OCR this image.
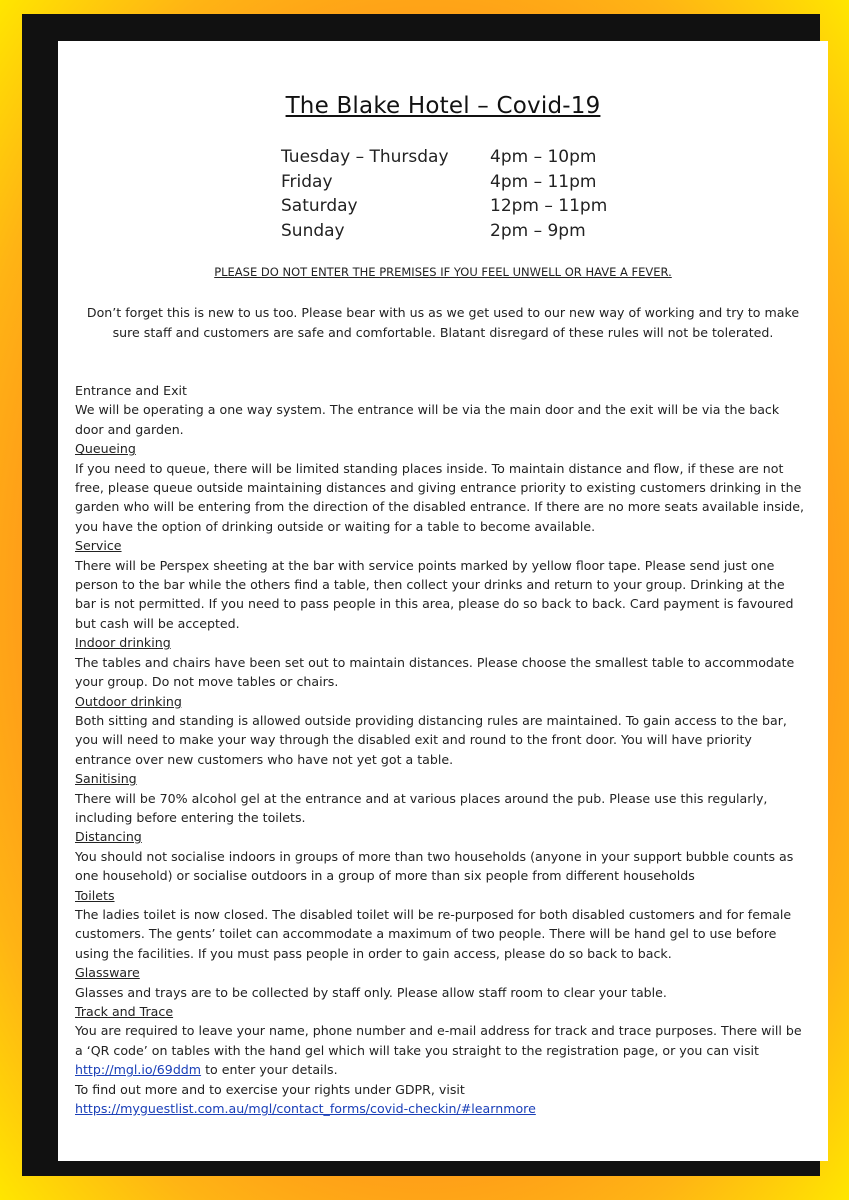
The Blake Hotel – Covid-19
Tuesday – Thursday	4pm – 10pm
Friday	4pm – 11pm
Saturday	12pm – 11pm
Sunday	2pm – 9pm
PLEASE DO NOT ENTER THE PREMISES IF YOU FEEL UNWELL OR HAVE A FEVER.
Don’t forget this is new to us too. Please bear with us as we get used to our new way of working and try to make
sure staff and customers are safe and comfortable. Blatant disregard of these rules will not be tolerated.

Entrance and Exit

We will be operating a one way system. The entrance will be via the main door and the exit will be via the back door and garden.

Queueing

If you need to queue, there will be limited standing places inside. To maintain distance and flow, if these are not free, please queue outside maintaining distances and giving entrance priority to existing customers drinking in the garden who will be entering from the direction of the disabled entrance. If there are no more seats available inside, you have the option of drinking outside or waiting for a table to become available.

Service

There will be Perspex sheeting at the bar with service points marked by yellow floor tape. Please send just one person to the bar while the others find a table, then collect your drinks and return to your group. Drinking at the bar is not permitted. If you need to pass people in this area, please do so back to back. Card payment is favoured but cash will be accepted.

Indoor drinking

The tables and chairs have been set out to maintain distances. Please choose the smallest table to accommodate your group. Do not move tables or chairs.

Outdoor drinking

Both sitting and standing is allowed outside providing distancing rules are maintained. To gain access to the bar, you will need to make your way through the disabled exit and round to the front door. You will have priority entrance over new customers who have not yet got a table.

Sanitising

There will be 70% alcohol gel at the entrance and at various places around the pub. Please use this regularly, including before entering the toilets.

Distancing

You should not socialise indoors in groups of more than two households (anyone in your support bubble counts as one household) or socialise outdoors in a group of more than six people from different households

Toilets

The ladies toilet is now closed. The disabled toilet will be re-purposed for both disabled customers and for female customers. The gents’ toilet can accommodate a maximum of two people. There will be hand gel to use before using the facilities. If you must pass people in order to gain access, please do so back to back.

Glassware

Glasses and trays are to be collected by staff only. Please allow staff room to clear your table.

Track and Trace

You are required to leave your name, phone number and e-mail address for track and trace purposes. There will be a ‘QR code’ on tables with the hand gel which will take you straight to the registration page, or you can visit http://mgl.io/69ddm to enter your details.

To find out more and to exercise your rights under GDPR, visit

https://myguestlist.com.au/mgl/contact_forms/covid-checkin/#learnmore
